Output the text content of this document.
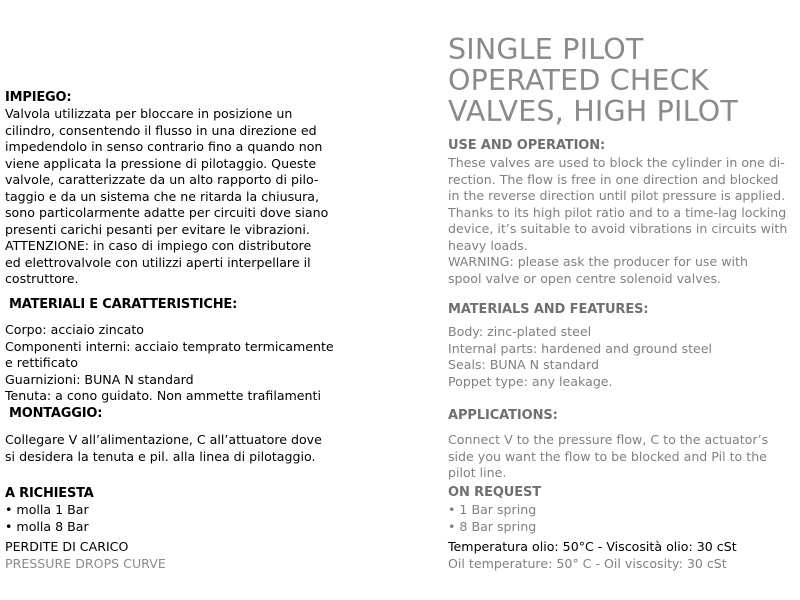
IMPIEGO:
Valvola utilizzata per bloccare in posizione un
cilindro, consentendo il flusso in una direzione ed
impedendolo in senso contrario fino a quando non
viene applicata la pressione di pilotaggio. Queste
valvole, caratterizzate da un alto rapporto di pilo-
taggio e da un sistema che ne ritarda la chiusura,
sono particolarmente adatte per circuiti dove siano
presenti carichi pesanti per evitare le vibrazioni.
ATTENZIONE: in caso di impiego con distributore
ed elettrovalvole con utilizzi aperti interpellare il
costruttore.
MATERIALI E CARATTERISTICHE:
Corpo: acciaio zincato
Componenti interni: acciaio temprato termicamente
e rettificato
Guarnizioni: BUNA N standard
Tenuta: a cono guidato. Non ammette trafilamenti
MONTAGGIO:
Collegare V all’alimentazione, C all’attuatore dove
si desidera la tenuta e pil. alla linea di pilotaggio.
A RICHIESTA
• molla 1 Bar
• molla 8 Bar
PERDITE DI CARICO
PRESSURE DROPS CURVE
SINGLE PILOT
OPERATED CHECK
VALVES, HIGH PILOT
USE AND OPERATION:
These valves are used to block the cylinder in one di-
rection. The flow is free in one direction and blocked
in the reverse direction until pilot pressure is applied.
Thanks to its high pilot ratio and to a time-lag locking
device, it’s suitable to avoid vibrations in circuits with
heavy loads.
WARNING: please ask the producer for use with
spool valve or open centre solenoid valves.
MATERIALS AND FEATURES:
Body: zinc-plated steel
Internal parts: hardened and ground steel
Seals: BUNA N standard
Poppet type: any leakage.
APPLICATIONS:
Connect V to the pressure flow, C to the actuator’s
side you want the flow to be blocked and Pil to the
pilot line.
ON REQUEST
• 1 Bar spring
• 8 Bar spring
Temperatura olio: 50°C - Viscosità olio: 30 cSt
Oil temperature: 50° C - Oil viscosity: 30 cSt
